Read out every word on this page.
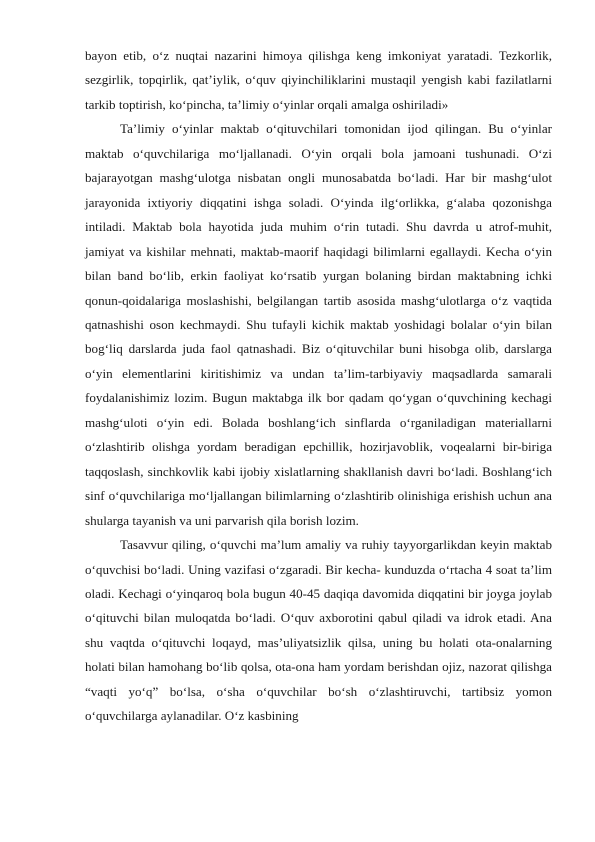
bayon etib, o‘z nuqtai nazarini himoya qilishga keng imkoniyat yaratadi. Tezkorlik, sezgirlik, topqirlik, qat’iylik, o‘quv qiyinchiliklarini mustaqil yengish kabi fazilatlarni tarkib toptirish, ko‘pincha, ta’limiy o‘yinlar orqali amalga oshiriladi»

Ta’limiy o‘yinlar maktab o‘qituvchilari tomonidan ijod qilingan. Bu o‘yinlar maktab o‘quvchilariga mo‘ljallanadi. O‘yin orqali bola jamoani tushunadi. O‘zi bajarayotgan mashg‘ulotga nisbatan ongli munosabatda bo‘ladi. Har bir mashg‘ulot jarayonida ixtiyoriy diqqatini ishga soladi. O‘yinda ilg‘orlikka, g‘alaba qozonishga intiladi. Maktab bola hayotida juda muhim o‘rin tutadi. Shu davrda u atrof-muhit, jamiyat va kishilar mehnati, maktab-maorif haqidagi bilimlarni egallaydi. Kecha o‘yin bilan band bo‘lib, erkin faoliyat ko‘rsatib yurgan bolaning birdan maktabning ichki qonun-qoidalariga moslashishi, belgilangan tartib asosida mashg‘ulotlarga o‘z vaqtida qatnashishi oson kechmaydi. Shu tufayli kichik maktab yoshidagi bolalar o‘yin bilan bog‘liq darslarda juda faol qatnashadi. Biz o‘qituvchilar buni hisobga olib, darslarga o‘yin elementlarini kiritishimiz va undan ta’lim-tarbiyaviy maqsadlarda samarali foydalanishimiz lozim. Bugun maktabga ilk bor qadam qo‘ygan o‘quvchining kechagi mashg‘uloti o‘yin edi. Bolada boshlang‘ich sinflarda o‘rganiladigan materiallarni o‘zlashtirib olishga yordam beradigan epchillik, hozirjavoblik, voqealarni bir-biriga taqqoslash, sinchkovlik kabi ijobiy xislatlarning shakllanish davri bo‘ladi. Boshlang‘ich sinf o‘quvchilariga mo‘ljallangan bilimlarning o‘zlashtirib olinishiga erishish uchun ana shularga tayanish va uni parvarish qila borish lozim.

Tasavvur qiling, o‘quvchi ma’lum amaliy va ruhiy tayyorgarlikdan keyin maktab o‘quvchisi bo‘ladi. Uning vazifasi o‘zgaradi. Bir kecha- kunduzda o‘rtacha 4 soat ta’lim oladi. Kechagi o‘yinqaroq bola bugun 40-45 daqiqa davomida diqqatini bir joyga joylab o‘qituvchi bilan muloqatda bo‘ladi. O‘quv axborotini qabul qiladi va idrok etadi. Ana shu vaqtda o‘qituvchi loqayd, mas’uliyatsizlik qilsa, uning bu holati ota-onalarning holati bilan hamohang bo‘lib qolsa, ota-ona ham yordam berishdan ojiz, nazorat qilishga “vaqti yo‘q” bo‘lsa, o‘sha o‘quvchilar bo‘sh o‘zlashtiruvchi, tartibsiz yomon o‘quvchilarga aylanadilar. O‘z kasbining
